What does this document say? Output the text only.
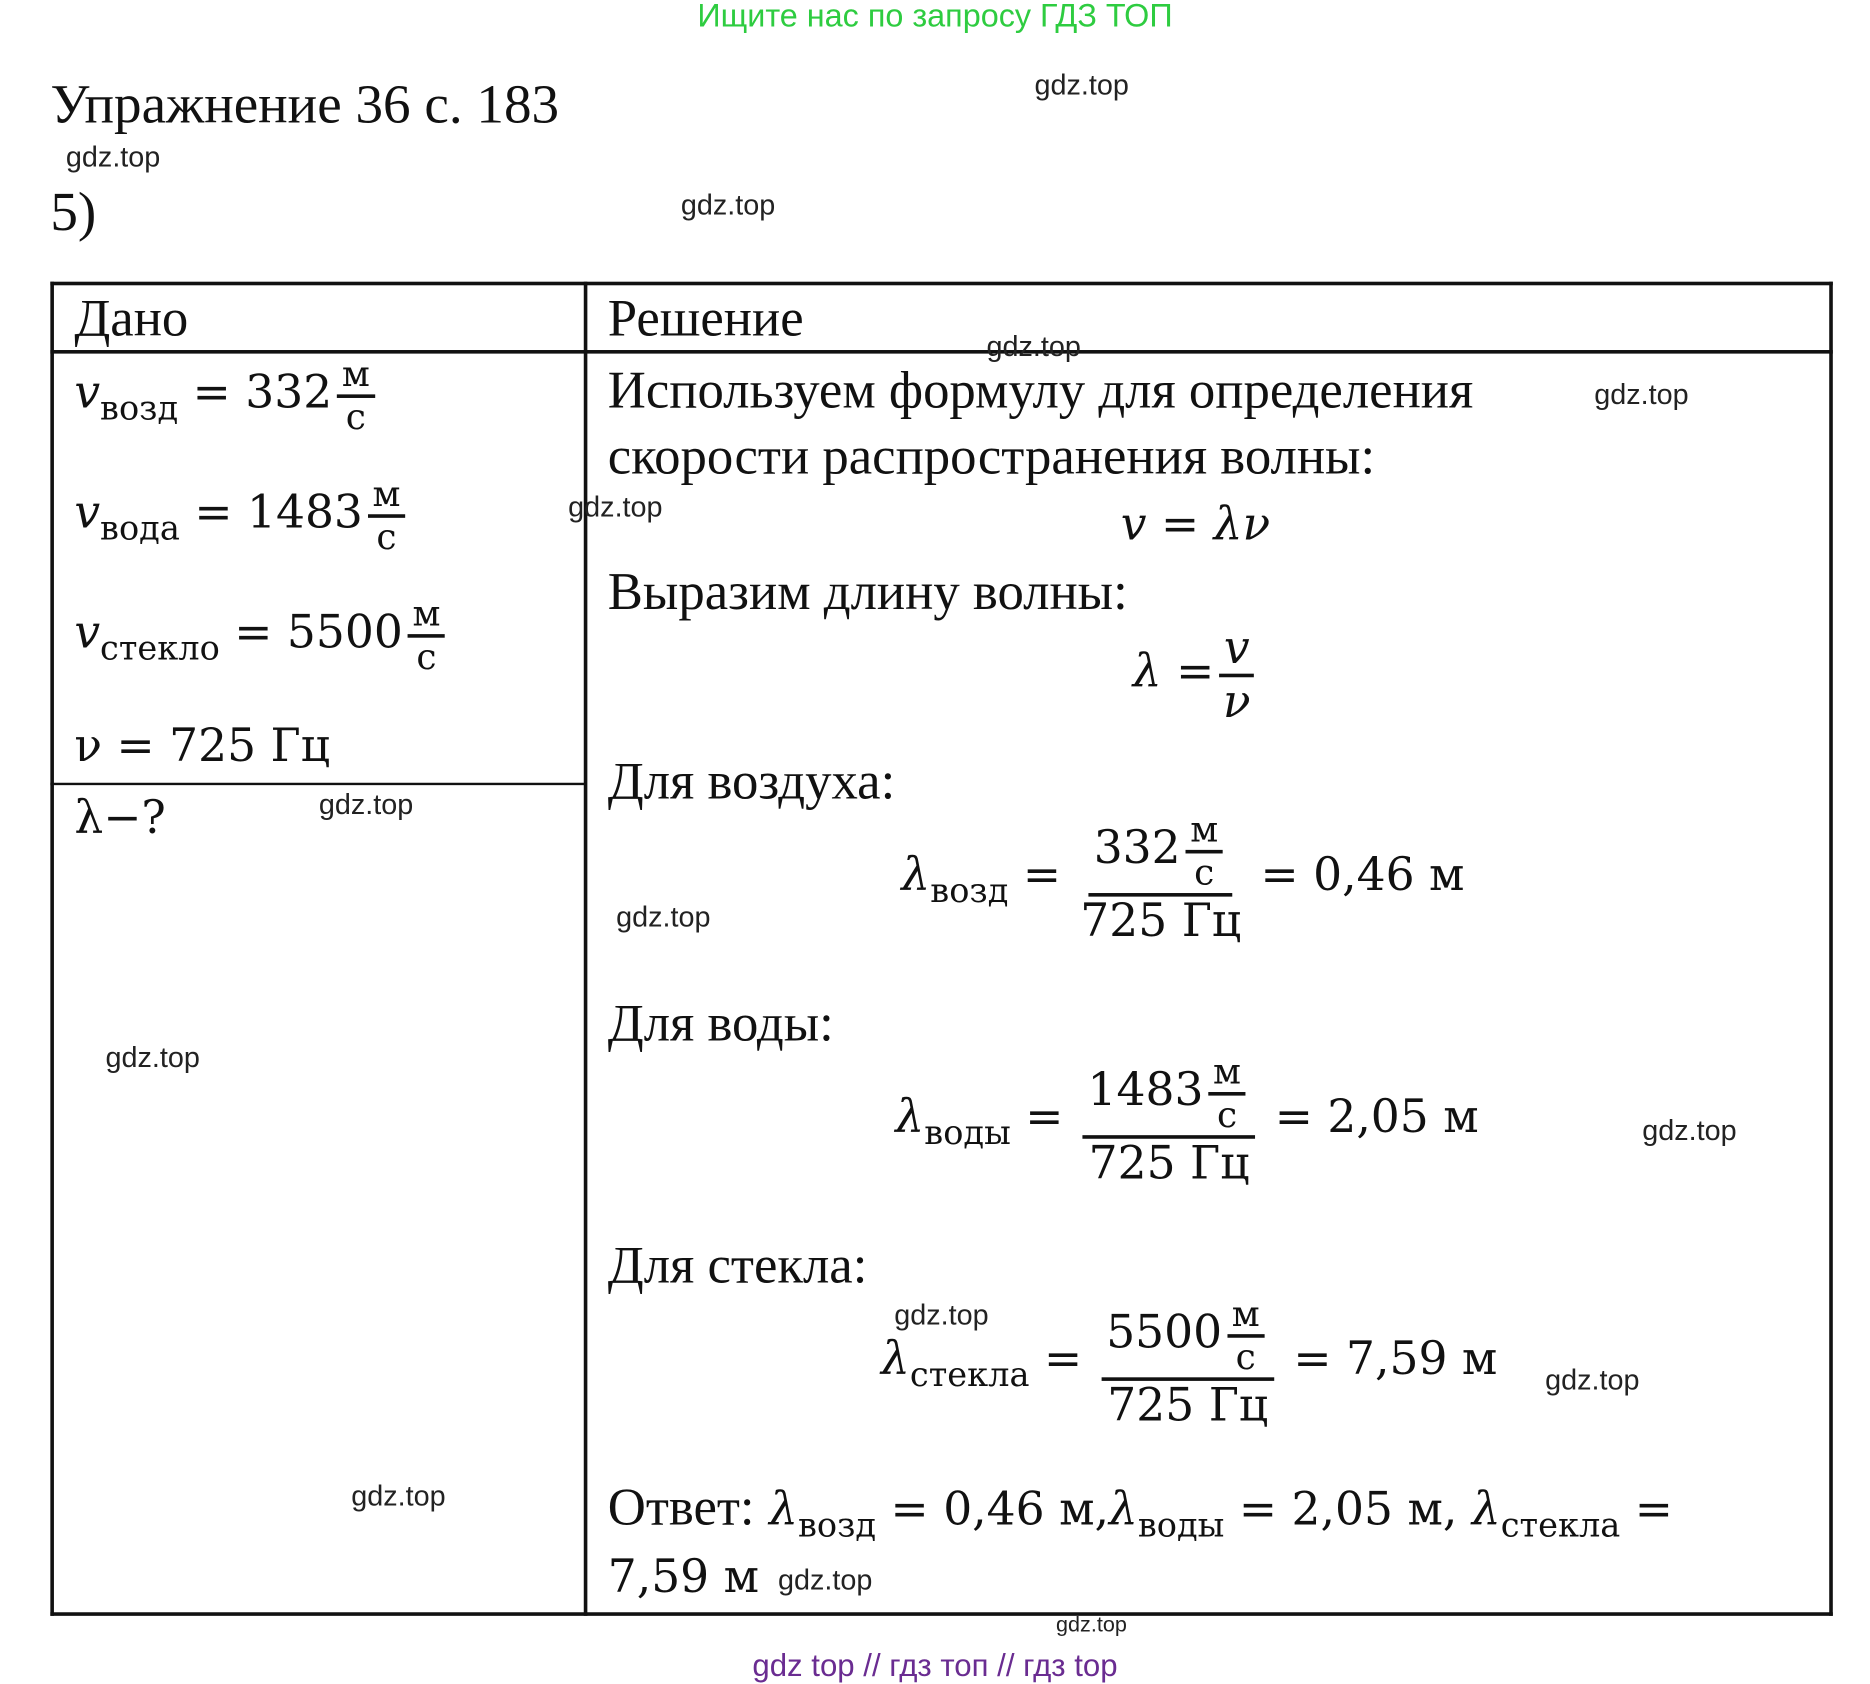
Ищите нас по запросу ГДЗ ТОП
Упражнение 36 с. 183
5)
Дано	Решение
$v_{возд} = 332 \frac{м}{с}$
$v_{вода} = 1483 \frac{м}{с}$
$v_{стекло} = 5500 \frac{м}{с}$
ν = 725 Гц
λ−?
Используем формулу для определения
скорости распространения волны:
v = λν
Выразим длину волны:
$\lambda = \frac{v}{\nu}$
Для воздуха:
$\lambda_{возд} = \frac{332 \frac{м}{с}}{725 Гц} = 0,46$ м
Для воды:
$\lambda_{воды} = \frac{1483 \frac{м}{с}}{725 Гц} = 2,05$ м
Для стекла:
$\lambda_{стекла} = \frac{5500 \frac{м}{с}}{725 Гц} = 7,59$ м
Ответ: $\lambda_{возд} = 0,46$ $м,\lambda_{воды} = 2,05$ м, $\lambda_{стекла}$ =
7,59 м
gdz.top
gdz.top
gdz.top
gdz.top
gdz.top
gdz.top
gdz.top
gdz.top
gdz.top
gdz.top
gdz.top
gdz.top
gdz.top
gdz.top
gdz.top
gdz top // гдз топ // гдз top
